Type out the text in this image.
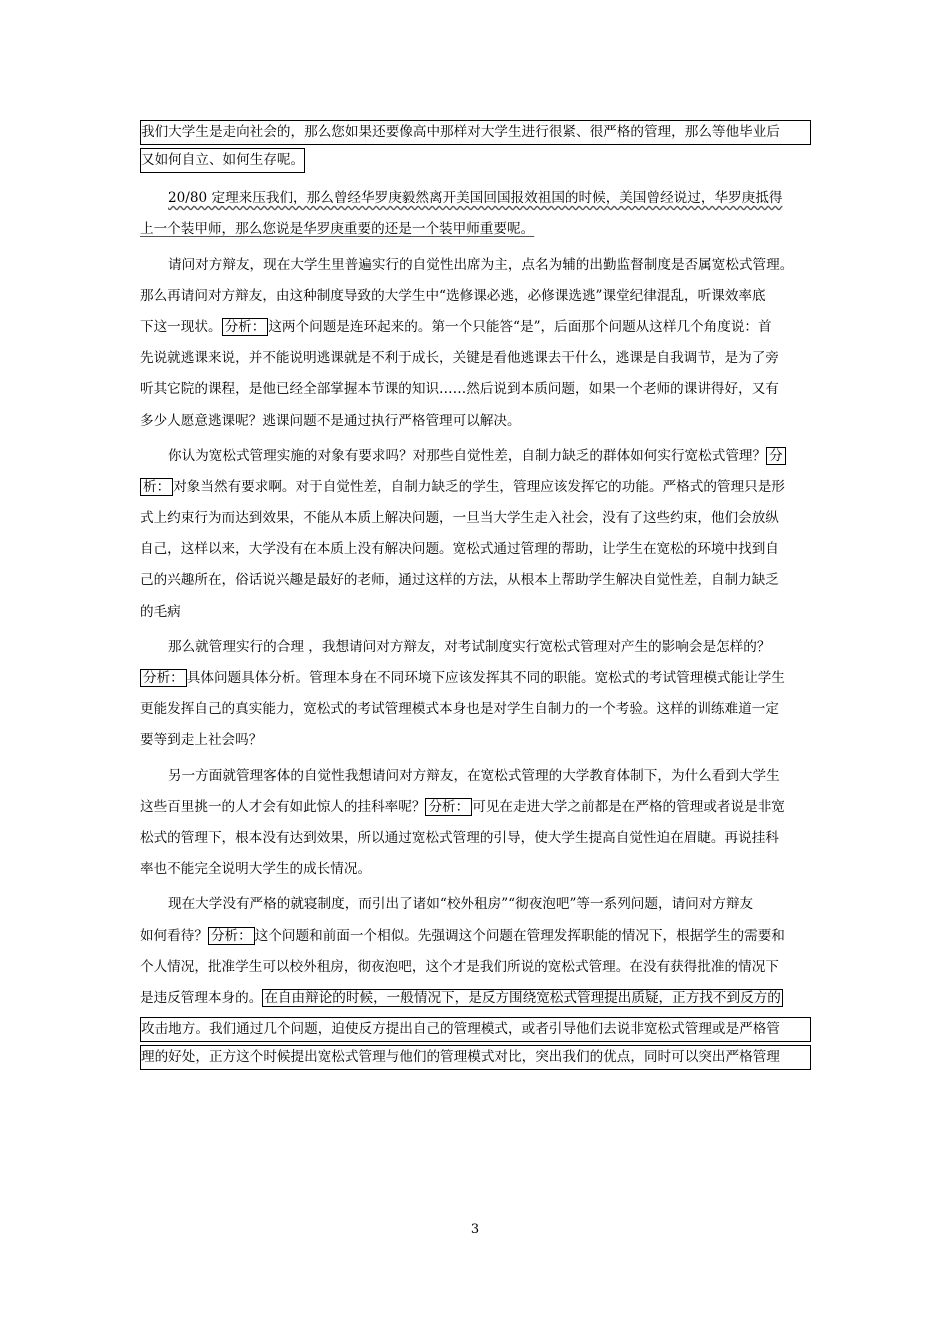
我们大学生是走向社会的，那么您如果还要像高中那样对大学生进行很紧、很严格的管理，那么等他毕业后
又如何自立、如何生存呢。
20/80 定理来压我们，那么曾经华罗庚毅然离开美国回国报效祖国的时候，美国曾经说过，华罗庚抵得
上一个装甲师，那么您说是华罗庚重要的还是一个装甲师重要呢。
请问对方辩友，现在大学生里普遍实行的自觉性出席为主，点名为辅的出勤监督制度是否属宽松式管理。
那么再请问对方辩友，由这种制度导致的大学生中“选修课必逃，必修课选逃”课堂纪律混乱，听课效率底
下这一现状。 分析： 这两个问题是连环起来的。第一个只能答“是”，后面那个问题从这样几个角度说：首
先说就逃课来说，并不能说明逃课就是不利于成长，关键是看他逃课去干什么，逃课是自我调节，是为了旁
听其它院的课程，是他已经全部掌握本节课的知识……然后说到本质问题，如果一个老师的课讲得好，又有
多少人愿意逃课呢？逃课问题不是通过执行严格管理可以解决。
你认为宽松式管理实施的对象有要求吗？对那些自觉性差，自制力缺乏的群体如何实行宽松式管理？ 分
析： 对象当然有要求啊。对于自觉性差，自制力缺乏的学生，管理应该发挥它的功能。严格式的管理只是形
式上约束行为而达到效果，不能从本质上解决问题，一旦当大学生走入社会，没有了这些约束，他们会放纵
自己，这样以来，大学没有在本质上没有解决问题。宽松式通过管理的帮助，让学生在宽松的环境中找到自
己的兴趣所在，俗话说兴趣是最好的老师，通过这样的方法，从根本上帮助学生解决自觉性差，自制力缺乏
的毛病
那么就管理实行的合理 ，我想请问对方辩友，对考试制度实行宽松式管理对产生的影响会是怎样的？
分析： 具体问题具体分析。管理本身在不同环境下应该发挥其不同的职能。宽松式的考试管理模式能让学生
更能发挥自己的真实能力，宽松式的考试管理模式本身也是对学生自制力的一个考验。这样的训练难道一定
要等到走上社会吗？
另一方面就管理客体的自觉性我想请问对方辩友，在宽松式管理的大学教育体制下，为什么看到大学生
这些百里挑一的人才会有如此惊人的挂科率呢？ 分析： 可见在走进大学之前都是在严格的管理或者说是非宽
松式的管理下，根本没有达到效果，所以通过宽松式管理的引导，使大学生提高自觉性迫在眉睫。再说挂科
率也不能完全说明大学生的成长情况。
现在大学没有严格的就寝制度，而引出了诸如“校外租房”“彻夜泡吧”等一系列问题，请问对方辩友
如何看待？ 分析： 这个问题和前面一个相似。先强调这个问题在管理发挥职能的情况下，根据学生的需要和
个人情况，批准学生可以校外租房，彻夜泡吧，这个才是我们所说的宽松式管理。在没有获得批准的情况下
是违反管理本身的。 在自由辩论的时候，一般情况下，是反方围绕宽松式管理提出质疑，正方找不到反方的
攻击地方。我们通过几个问题，迫使反方提出自己的管理模式，或者引导他们去说非宽松式管理或是严格管
理的好处，正方这个时候提出宽松式管理与他们的管理模式对比，突出我们的优点，同时可以突出严格管理
3
